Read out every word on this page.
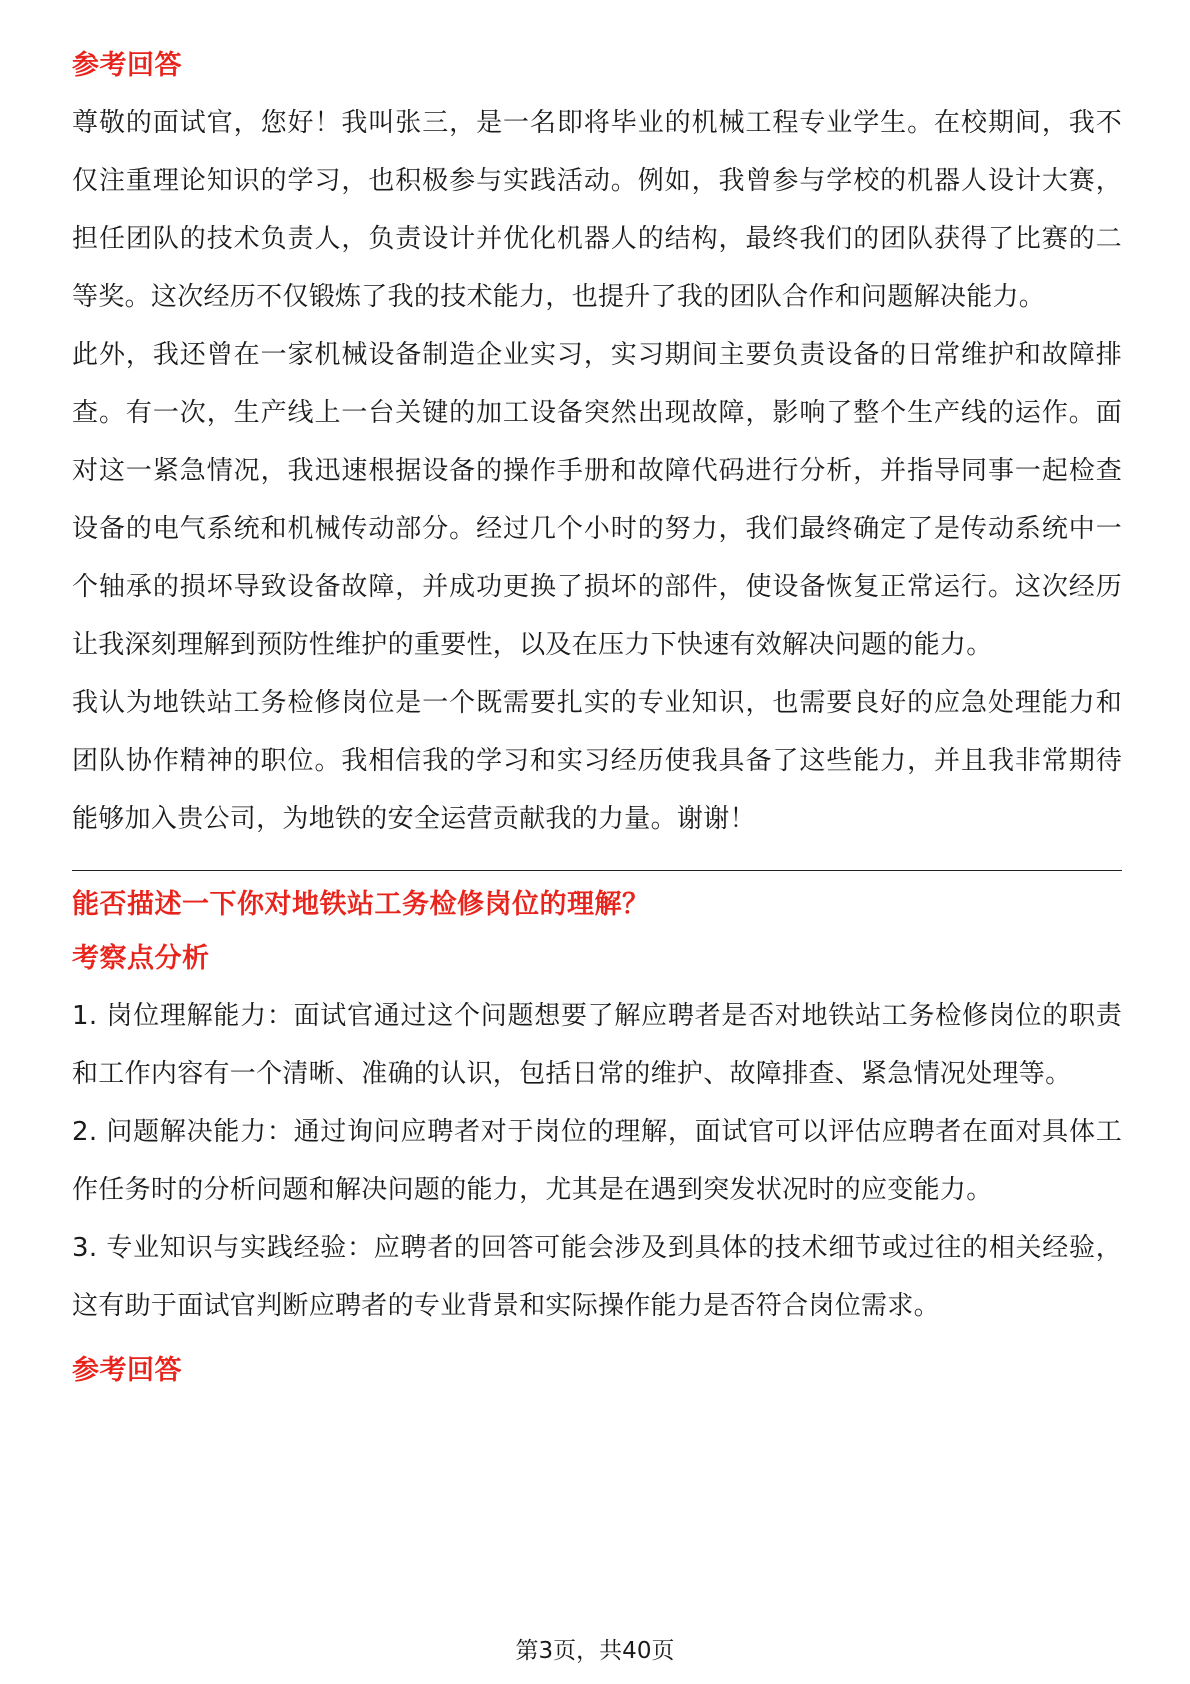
参考回答

尊敬的面试官，您好！我叫张三，是一名即将毕业的机械工程专业学生。在校期间，我不仅注重理论知识的学习，也积极参与实践活动。例如，我曾参与学校的机器人设计大赛，担任团队的技术负责人，负责设计并优化机器人的结构，最终我们的团队获得了比赛的二等奖。这次经历不仅锻炼了我的技术能力，也提升了我的团队合作和问题解决能力。

此外，我还曾在一家机械设备制造企业实习，实习期间主要负责设备的日常维护和故障排查。有一次，生产线上一台关键的加工设备突然出现故障，影响了整个生产线的运作。面对这一紧急情况，我迅速根据设备的操作手册和故障代码进行分析，并指导同事一起检查设备的电气系统和机械传动部分。经过几个小时的努力，我们最终确定了是传动系统中一个轴承的损坏导致设备故障，并成功更换了损坏的部件，使设备恢复正常运行。这次经历让我深刻理解到预防性维护的重要性，以及在压力下快速有效解决问题的能力。

我认为地铁站工务检修岗位是一个既需要扎实的专业知识，也需要良好的应急处理能力和团队协作精神的职位。我相信我的学习和实习经历使我具备了这些能力，并且我非常期待能够加入贵公司，为地铁的安全运营贡献我的力量。谢谢！

能否描述一下你对地铁站工务检修岗位的理解？

考察点分析

1. 岗位理解能力：面试官通过这个问题想要了解应聘者是否对地铁站工务检修岗位的职责和工作内容有一个清晰、准确的认识，包括日常的维护、故障排查、紧急情况处理等。

2. 问题解决能力：通过询问应聘者对于岗位的理解，面试官可以评估应聘者在面对具体工作任务时的分析问题和解决问题的能力，尤其是在遇到突发状况时的应变能力。

3. 专业知识与实践经验：应聘者的回答可能会涉及到具体的技术细节或过往的相关经验，这有助于面试官判断应聘者的专业背景和实际操作能力是否符合岗位需求。

参考回答

第3页，共40页
